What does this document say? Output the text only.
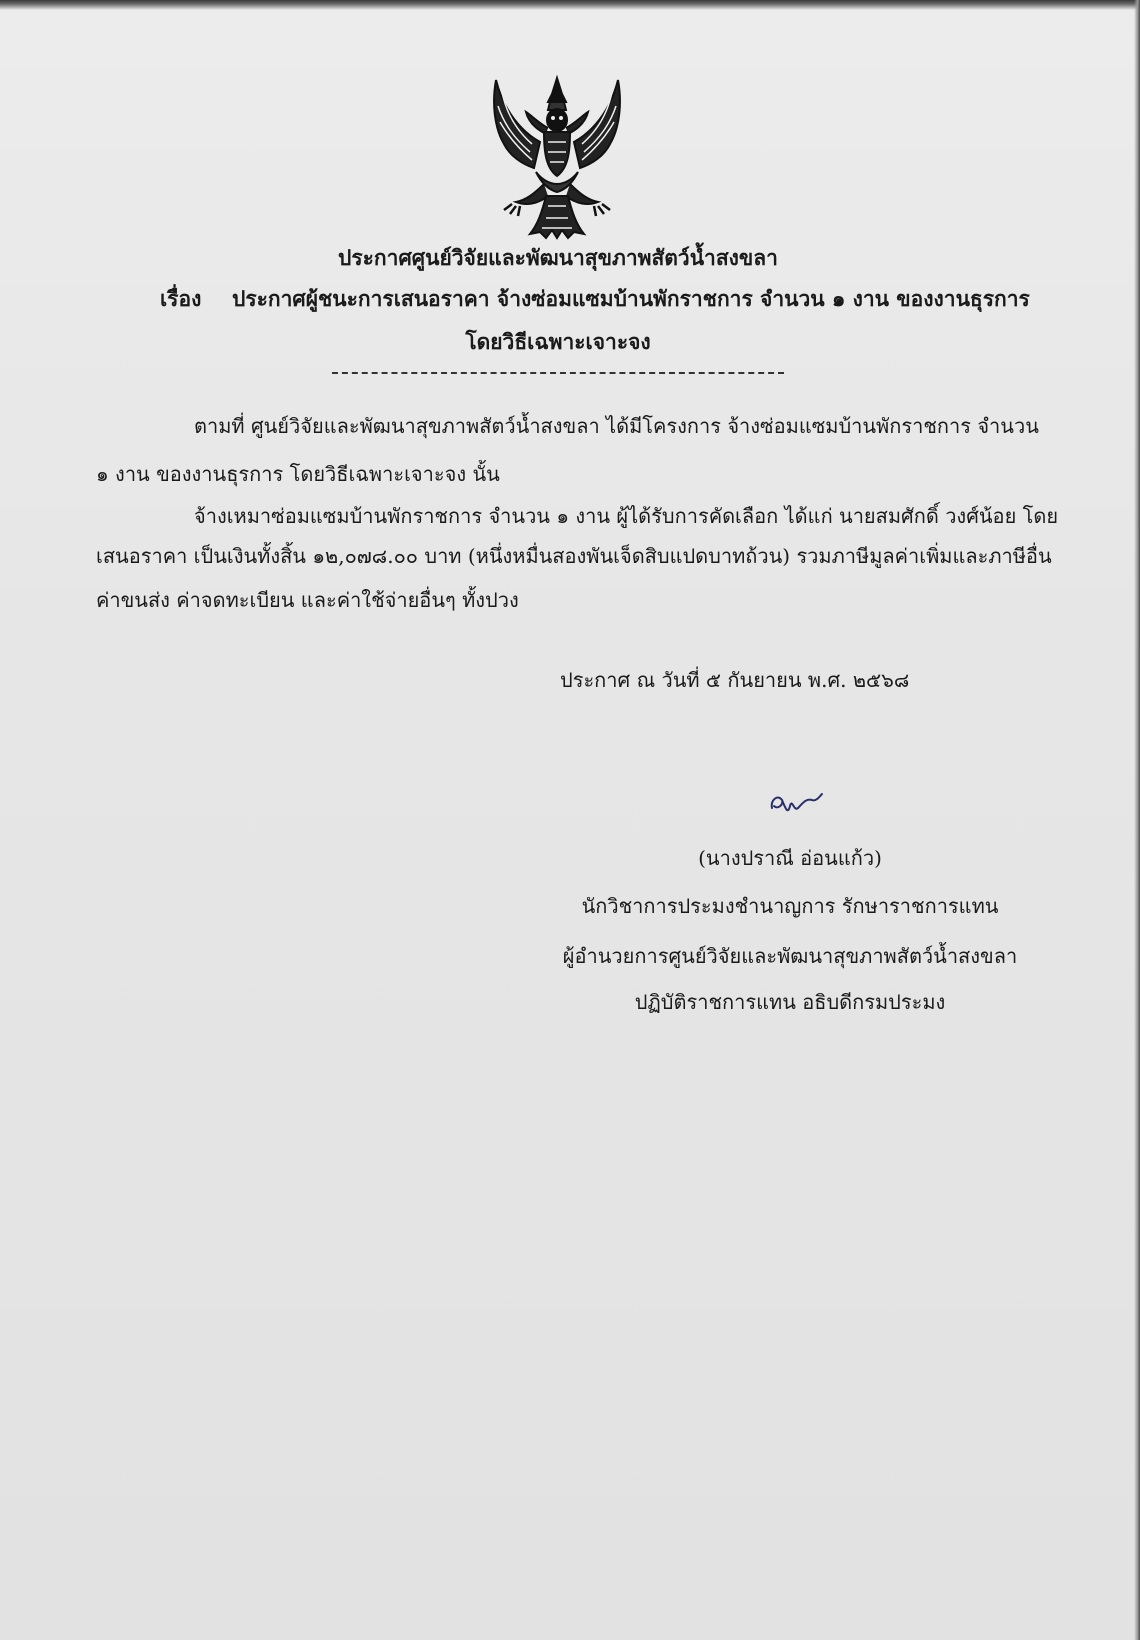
ประกาศศูนย์วิจัยและพัฒนาสุขภาพสัตว์น้ำสงขลา
เรื่อง ประกาศผู้ชนะการเสนอราคา จ้างซ่อมแซมบ้านพักราชการ จำนวน ๑ งาน ของงานธุรการ
โดยวิธีเฉพาะเจาะจง
ตามที่ ศูนย์วิจัยและพัฒนาสุขภาพสัตว์น้ำสงขลา ได้มีโครงการ จ้างซ่อมแซมบ้านพักราชการ จำนวน
๑ งาน ของงานธุรการ โดยวิธีเฉพาะเจาะจง นั้น
จ้างเหมาซ่อมแซมบ้านพักราชการ จำนวน ๑ งาน ผู้ได้รับการคัดเลือก ได้แก่ นายสมศักดิ์ วงศ์น้อย โดย
เสนอราคา เป็นเงินทั้งสิ้น ๑๒,๐๗๘.๐๐ บาท (หนึ่งหมื่นสองพันเจ็ดสิบแปดบาทถ้วน) รวมภาษีมูลค่าเพิ่มและภาษีอื่น
ค่าขนส่ง ค่าจดทะเบียน และค่าใช้จ่ายอื่นๆ ทั้งปวง
ประกาศ ณ วันที่ ๕ กันยายน พ.ศ. ๒๕๖๘
(นางปราณี อ่อนแก้ว)
นักวิชาการประมงชำนาญการ รักษาราชการแทน
ผู้อำนวยการศูนย์วิจัยและพัฒนาสุขภาพสัตว์น้ำสงขลา
ปฏิบัติราชการแทน อธิบดีกรมประมง
